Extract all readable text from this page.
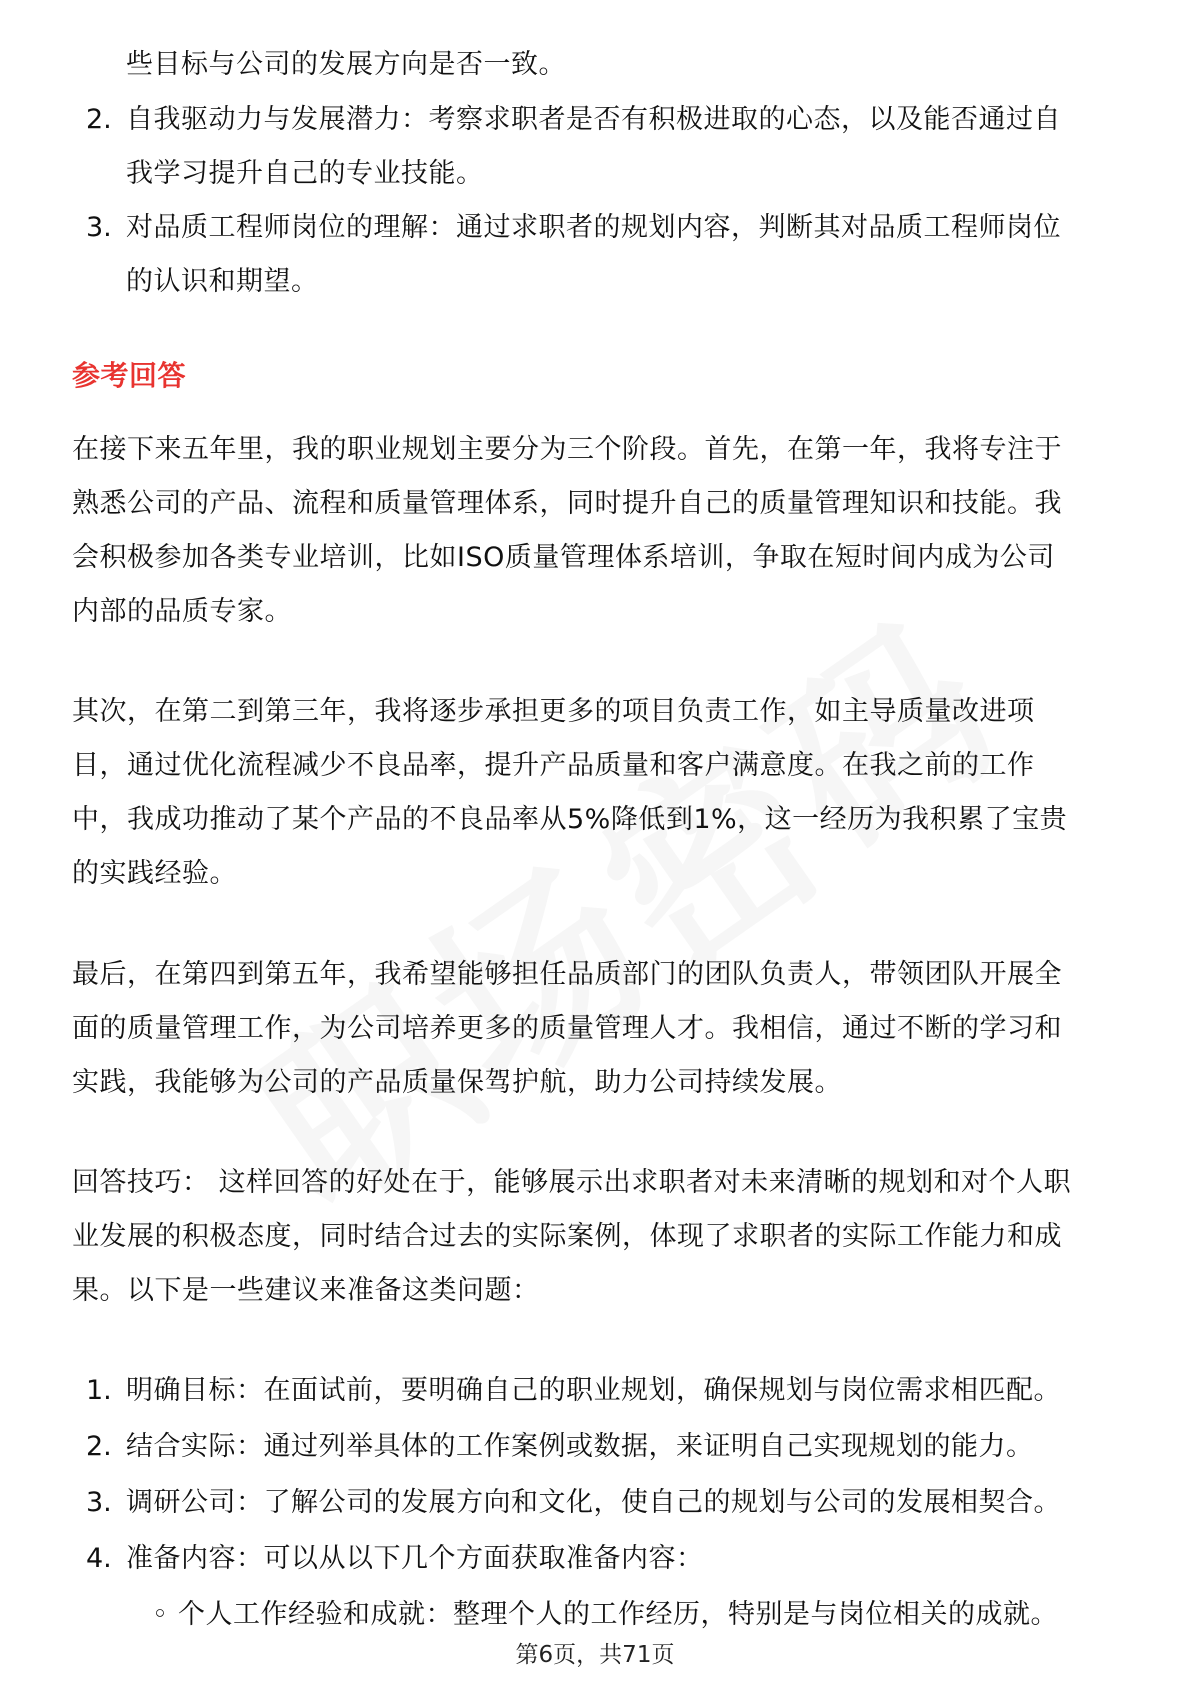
些目标与公司的发展方向是否一致。
2. 自我驱动力与发展潜力：考察求职者是否有积极进取的心态，以及能否通过自
我学习提升自己的专业技能。
3. 对品质工程师岗位的理解：通过求职者的规划内容，判断其对品质工程师岗位
的认识和期望。
参考回答
在接下来五年里，我的职业规划主要分为三个阶段。首先，在第一年，我将专注于
熟悉公司的产品、流程和质量管理体系，同时提升自己的质量管理知识和技能。我
会积极参加各类专业培训，比如ISO质量管理体系培训，争取在短时间内成为公司
内部的品质专家。
其次，在第二到第三年，我将逐步承担更多的项目负责工作，如主导质量改进项
目，通过优化流程减少不良品率，提升产品质量和客户满意度。在我之前的工作
中，我成功推动了某个产品的不良品率从5%降低到1%，这一经历为我积累了宝贵
的实践经验。
最后，在第四到第五年，我希望能够担任品质部门的团队负责人，带领团队开展全
面的质量管理工作，为公司培养更多的质量管理人才。我相信，通过不断的学习和
实践，我能够为公司的产品质量保驾护航，助力公司持续发展。
回答技巧： 这样回答的好处在于，能够展示出求职者对未来清晰的规划和对个人职
业发展的积极态度，同时结合过去的实际案例，体现了求职者的实际工作能力和成
果。以下是一些建议来准备这类问题：
1. 明确目标：在面试前，要明确自己的职业规划，确保规划与岗位需求相匹配。
2. 结合实际：通过列举具体的工作案例或数据，来证明自己实现规划的能力。
3. 调研公司：了解公司的发展方向和文化，使自己的规划与公司的发展相契合。
4. 准备内容：可以从以下几个方面获取准备内容：
◦ 个人工作经验和成就：整理个人的工作经历，特别是与岗位相关的成就。
第6页，共71页
